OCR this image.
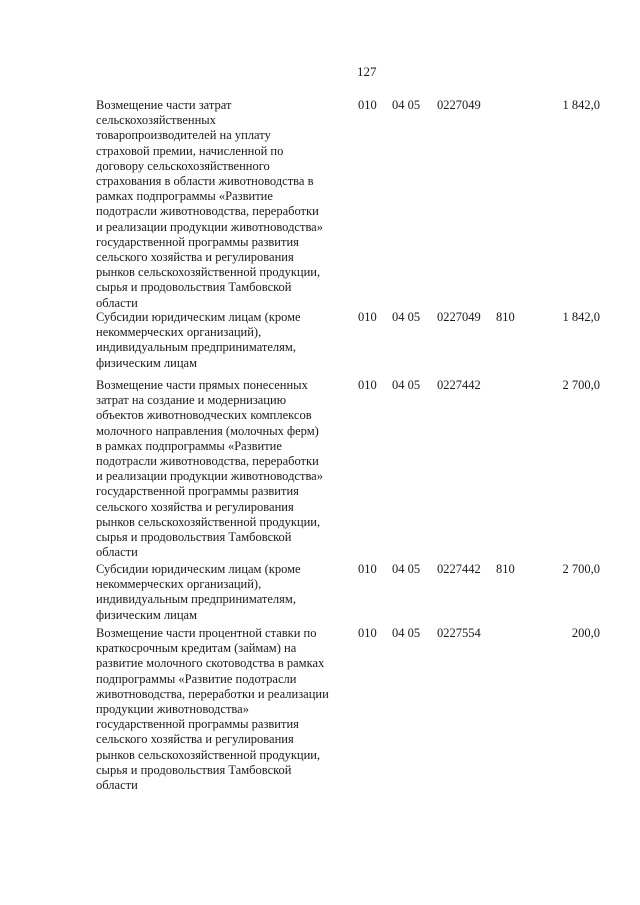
127
Возмещение части затрат
сельскохозяйственных
товаропроизводителей на уплату
страховой премии, начисленной по
договору сельскохозяйственного
страхования в области животноводства в
рамках подпрограммы «Развитие
подотрасли животноводства, переработки
и реализации продукции животноводства»
государственной программы развития
сельского хозяйства и регулирования
рынков сельскохозяйственной продукции,
сырья и продовольствия Тамбовской
области
010 04 05 0227049	1 842,0
Субсидии юридическим лицам (кроме
некоммерческих организаций),
индивидуальным предпринимателям,
физическим лицам
010 04 05 0227049 810	1 842,0
Возмещение части прямых понесенных
затрат на создание и модернизацию
объектов животноводческих комплексов
молочного направления (молочных ферм)
в рамках подпрограммы «Развитие
подотрасли животноводства, переработки
и реализации продукции животноводства»
государственной программы развития
сельского хозяйства и регулирования
рынков сельскохозяйственной продукции,
сырья и продовольствия Тамбовской
области
010 04 05 0227442	2 700,0
Субсидии юридическим лицам (кроме
некоммерческих организаций),
индивидуальным предпринимателям,
физическим лицам
010 04 05 0227442 810	2 700,0
Возмещение части процентной ставки по
краткосрочным кредитам (займам) на
развитие молочного скотоводства в рамках
подпрограммы «Развитие подотрасли
животноводства, переработки и реализации
продукции животноводства»
государственной программы развития
сельского хозяйства и регулирования
рынков сельскохозяйственной продукции,
сырья и продовольствия Тамбовской
области
010 04 05 0227554	200,0
